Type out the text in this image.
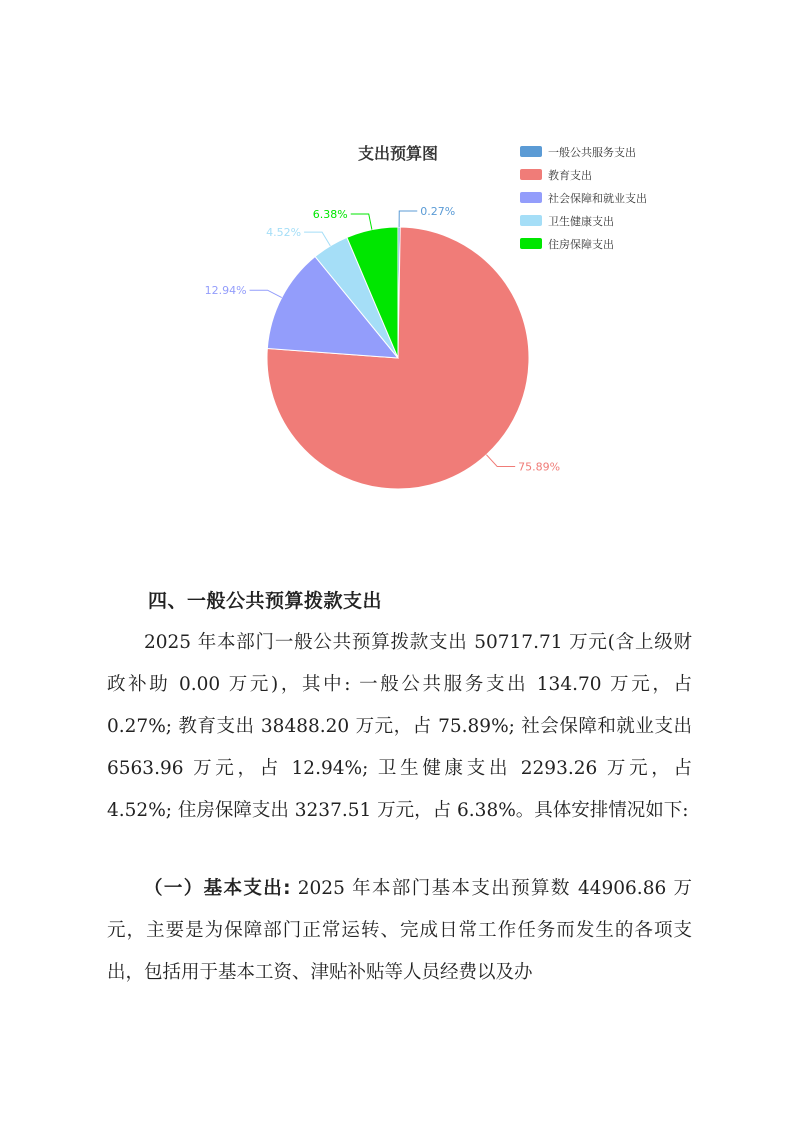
支出预算图	一般公共服务支出
教育支出
社会保障和就业支出
卫生健康支出
住房保障支出
0.27%
75.89%
12.94%
4.52%
6.38%
四、一般公共预算拨款支出

2025 年本部门一般公共预算拨款支出 50717.71 万元(含上级财政补助 0.00 万元)，其中: 一般公共服务支出 134.70 万元，占 0.27%; 教育支出 38488.20 万元，占 75.89%; 社会保障和就业支出 6563.96 万元，占 12.94%; 卫生健康支出 2293.26 万元，占 4.52%; 住房保障支出 3237.51 万元，占 6.38%。具体安排情况如下:

（一）基本支出: 2025 年本部门基本支出预算数 44906.86 万元，主要是为保障部门正常运转、完成日常工作任务而发生的各项支出，包括用于基本工资、津贴补贴等人员经费以及办
